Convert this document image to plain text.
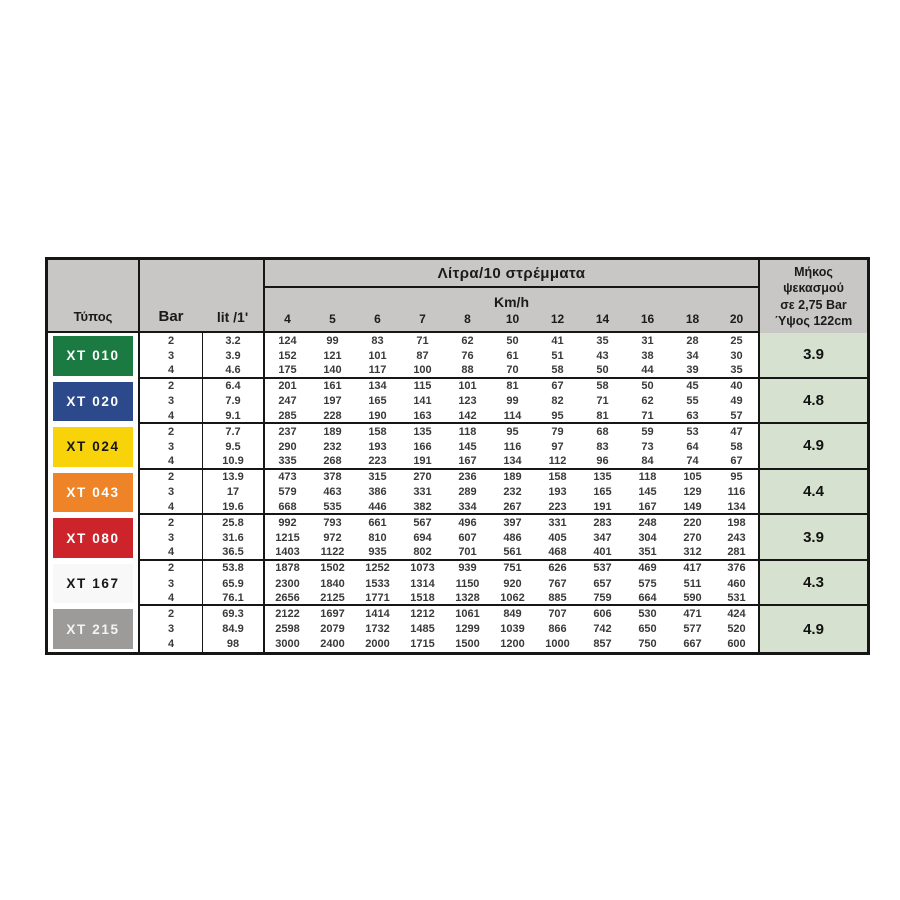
Τύπος	Bar	lit /1'
Λίτρα/10 στρέμματα
Km/h
Μήκος
ψεκασμού
σε 2,75 Bar
Ύψος 122cm
4	5	6	7	8	10	12	14	16	18	20
XT 010
2	3.2	124	99	83	71	62	50	41	35	31	28	25
3	3.9	152	121	101	87	76	61	51	43	38	34	30
4	4.6	175	140	117	100	88	70	58	50	44	39	35
3.9
XT 020
2	6.4	201	161	134	115	101	81	67	58	50	45	40
3	7.9	247	197	165	141	123	99	82	71	62	55	49
4	9.1	285	228	190	163	142	114	95	81	71	63	57
4.8
XT 024
2	7.7	237	189	158	135	118	95	79	68	59	53	47
3	9.5	290	232	193	166	145	116	97	83	73	64	58
4	10.9	335	268	223	191	167	134	112	96	84	74	67
4.9
XT 043
2	13.9	473	378	315	270	236	189	158	135	118	105	95
3	17	579	463	386	331	289	232	193	165	145	129	116
4	19.6	668	535	446	382	334	267	223	191	167	149	134
4.4
XT 080
2	25.8	992	793	661	567	496	397	331	283	248	220	198
3	31.6	1215	972	810	694	607	486	405	347	304	270	243
4	36.5	1403	1122	935	802	701	561	468	401	351	312	281
3.9
XT 167
2	53.8	1878	1502	1252	1073	939	751	626	537	469	417	376
3	65.9	2300	1840	1533	1314	1150	920	767	657	575	511	460
4	76.1	2656	2125	1771	1518	1328	1062	885	759	664	590	531
4.3
XT 215
2	69.3	2122	1697	1414	1212	1061	849	707	606	530	471	424
3	84.9	2598	2079	1732	1485	1299	1039	866	742	650	577	520
4	98	3000	2400	2000	1715	1500	1200	1000	857	750	667	600
4.9
